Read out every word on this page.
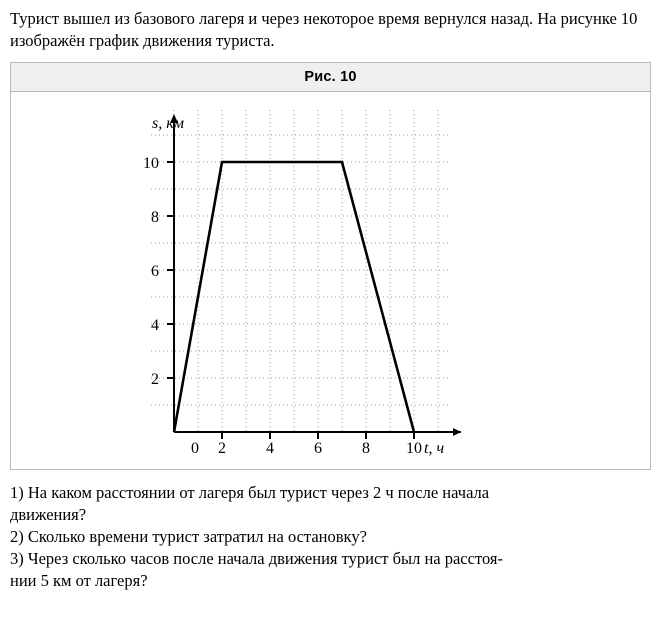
Турист вышел из базового лагеря и через некоторое время вернулся назад. На рисунке 10 изображён график движения туриста.
Рис. 10
0 2	4	6	8 10
2
4
6
8
10
s, км
t, ч
1) На каком расстоянии от лагеря был турист через 2 ч после начала
движения?
2) Сколько времени турист затратил на остановку?
3) Через сколько часов после начала движения турист был на расстоя-
нии 5 км от лагеря?
